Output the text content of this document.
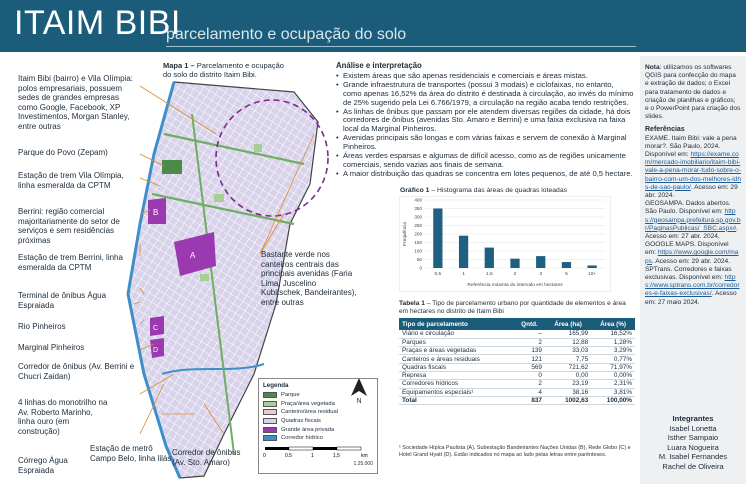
ITAIM BIBI
parcelamento e ocupação do solo
A
B
C
D
Itaim Bibi (bairro) e Vila Olímpia: polos empresariais, possuem sedes de grandes empresas como Google, Facebook, XP Investimentos, Morgan Stanley, entre outras
Parque do Povo (Zepam)
Estação de trem Vila Olímpia, linha esmeralda da CPTM
Berrini: região comercial majoritariamente do setor de serviços e sem residências próximas
Estação de trem Berrini, linha esmeralda da CPTM
Terminal de ônibus Água Espraiada
Rio Pinheiros
Marginal Pinheiros
Corredor de ônibus (Av. Berrini e Chucri Zaidan)
4 linhas do monotrilho na Av. Roberto Marinho, linha ouro (em construção)
Córrego Água Espraiada
Estação de metrô Campo Belo, linha lilás
Corredor de ônibus (Av. Sto. Amaro)
Mapa 1 – Parcelamento e ocupação do solo do distrito Itaim Bibi.
Bastante verde nos canteiros centrais das principais avenidas (Faria Lima, Juscelino Kubitschek, Bandeirantes), entre outras
Legenda
Parque
Praça/área vegetada
Canteiro/área residual
Quadras fiscais
Grande área privada
Corredor hídrico
0	0.5	1	1,5	km
1:25.000
N
Análise e interpretação
• Existem áreas que são apenas residenciais e comerciais e áreas mistas.
• Grande infraestrutura de transportes (possui 3 modais) e ciclofaixas, no entanto, como apenas 16,52% da área do distrito é destinada à circulação, ao invés do mínimo de 25% sugerido pela Lei 6.766/1979, a circulação na região acaba tendo restrições.
• As linhas de ônibus que passam por ele atendem diversas regiões da cidade, há dois corredores de ônibus (avenidas Sto. Amaro e Berrini) e uma faixa exclusiva na faixa local da Marginal Pinheiros.
• Avenidas principais são longas e com várias faixas e servem de conexão à Marginal Pinheiros.
• Áreas verdes esparsas e algumas de difícil acesso, como as de regiões unicamente comerciais, sendo vazias aos finais de semana.
• A maior distribuição das quadras se concentra em lotes pequenos, de até 0,5 hectare.
Gráfico 1 – Histograma das áreas de quadras loteadas
0
50
100
150
200
250
300
350
400
0,5	1	1,5	2	3	5	10+
Frequência
Referência máxima do intervalo em hectares
Tabela 1 – Tipo de parcelamento urbano por quantidade de elementos e área em hectares no distrito de Itaim Bibi
Tipo de parcelamento	Qntd.	Área (ha)	Área (%)
Viário e circulação	–	165,99	16,52%
Parques	2	12,88	1,28%
Praças e áreas vegetadas	139	33,03	3,29%
Canteiros e áreas residuais	121	7,75	0,77%
Quadras fiscais	569	721,62	71,97%
Represa	0	0,00	0,00%
Corredores hídricos	2	23,19	2,31%
Equipamentos especiais¹	4	38,16	3,81%
Total	837	1002,63	100,00%
¹ Sociedade Hípica Paulista (A), Subestação Bandeirantes Nações Unidas (B), Rede Globo (C) e Hotel Grand Hyatt (D). Estão indicados no mapa ao lado pelas letras entre parênteses.
Nota: utilizamos os softwares QGIS para confecção do mapa e extração de dados; o Excel para tratamento de dados e criação de planilhas e gráficos; e o PowerPoint para criação dos slides.
Referências

EXAME. Itaim Bibi: vale a pena morar?. São Paulo, 2024. Disponível em: https://exame.com/mercado-imobiliario/itaim-bibi-vale-a-pena-morar-tudo-sobre-o-bairro-com-um-dos-melhores-idhs-de-sao-paulo/. Acesso em: 29 abr. 2024.

GEOSAMPA. Dados abertos. São Paulo. Disponível em: https://geosampa.prefeitura.sp.gov.br/PaginasPublicas/_SBC.aspx#. Acesso em: 27 abr. 2024.

GOOGLE MAPS. Disponível em: https://www.google.com/maps. Acesso em: 29 abr. 2024.

SPTrans. Corredores e faixas exclusivas. Disponível em: https://www.sptrans.com.br/corredores-e-faixas-exclusivas/. Acesso em: 27 maio 2024.

Integrantes
Isabel Lonetta
Isther Sampaio
Luara Nogueira
M. Isabel Fernandes
Rachel de Oliveira
